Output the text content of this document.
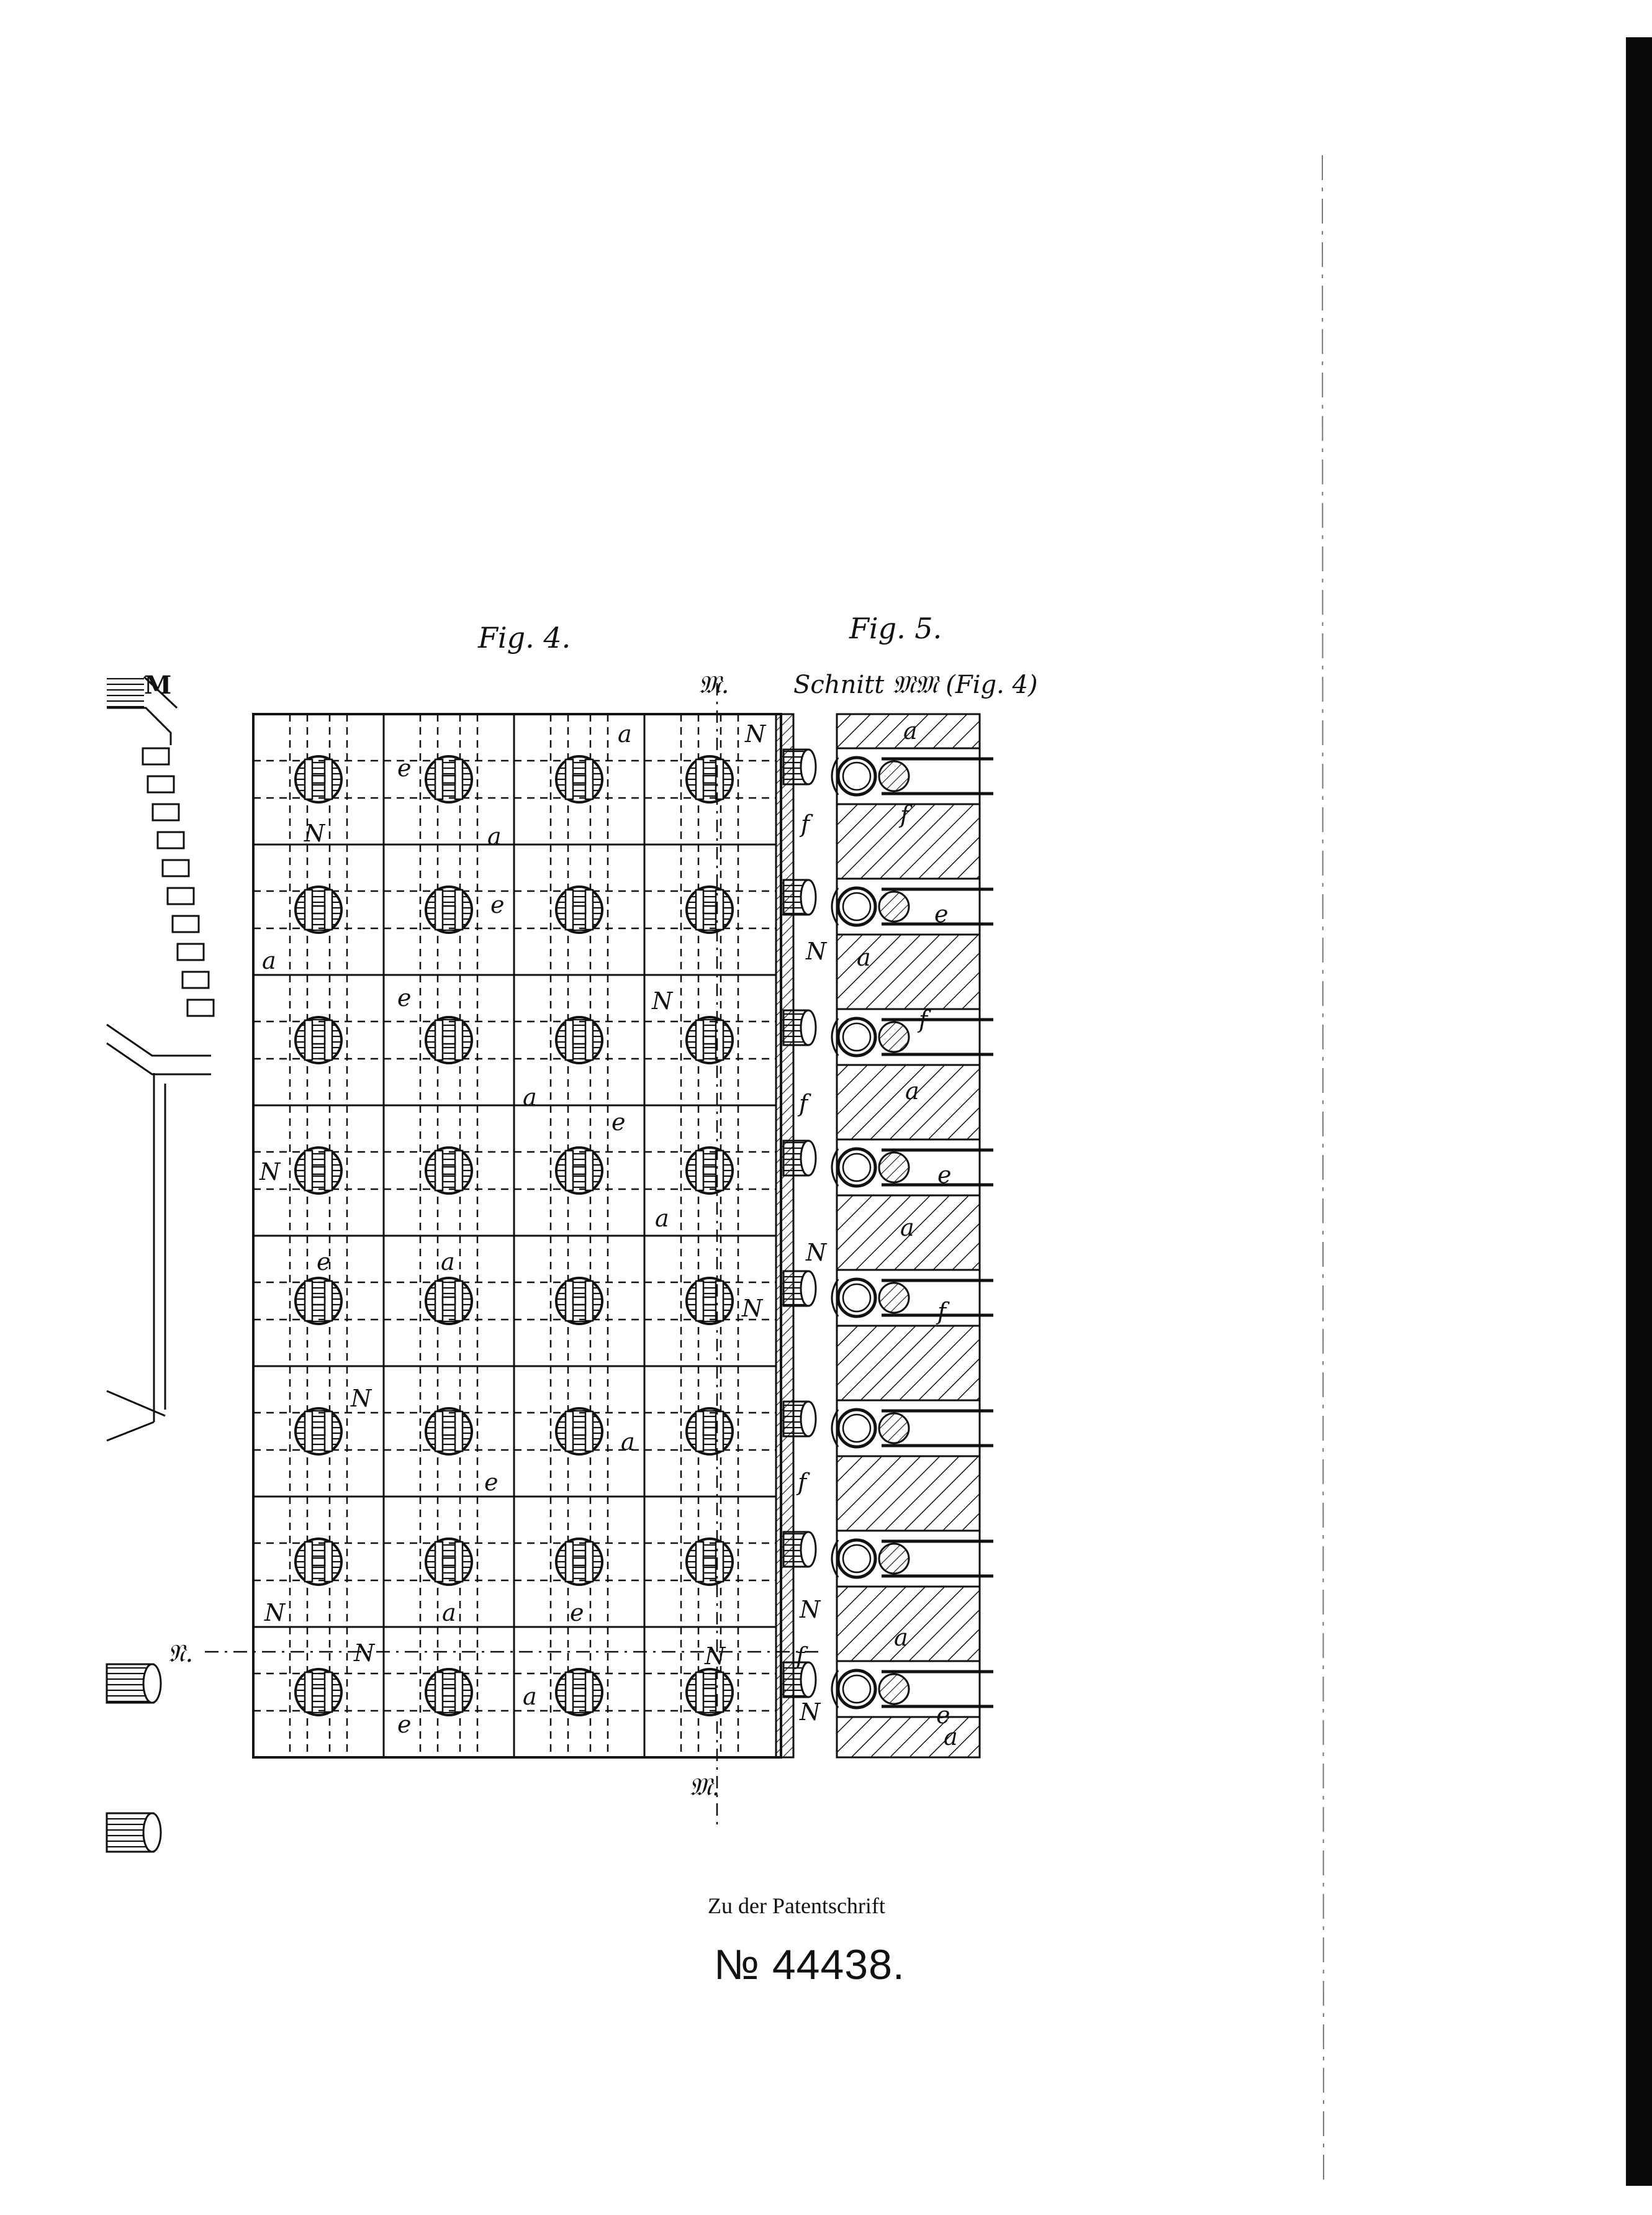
Fig. 4.	Fig. 5.
Schnitt 𝔐𝔐 (Fig. 4)
𝔐.
𝔐.
𝔑.
M
Zu der Patentschrift
№ 44438.
a	N
e
N	a
e
a
e	N
a
e
N
a
e	a
N
N
a
e
N	a	e
N	N
a
e
f
N
f
N
f
N
f
N
a
f
e
a
f
a
e
a
f
a
e
a
